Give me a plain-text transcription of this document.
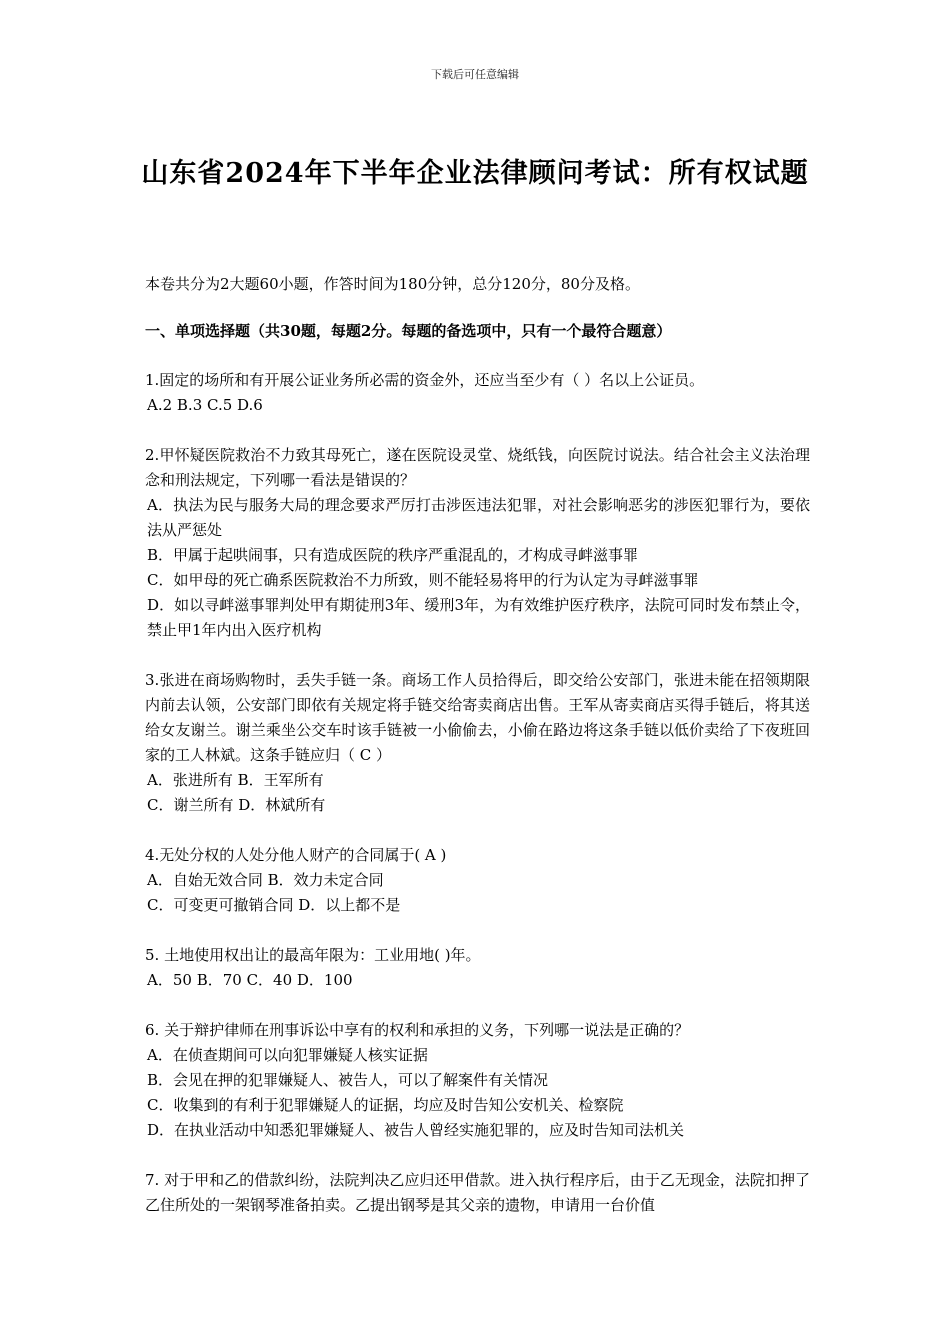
下载后可任意编辑
山东省2024年下半年企业法律顾问考试：所有权试题

本卷共分为2大题60小题，作答时间为180分钟，总分120分，80分及格。

一、单项选择题（共30题，每题2分。每题的备选项中，只有一个最符合题意）

1.固定的场所和有开展公证业务所必需的资金外，还应当至少有（ ）名以上公证员。

A.2 B.3 C.5 D.6

2.甲怀疑医院救治不力致其母死亡，遂在医院设灵堂、烧纸钱，向医院讨说法。结合社会主义法治理念和刑法规定，下列哪一看法是错误的？

A．执法为民与服务大局的理念要求严厉打击涉医违法犯罪，对社会影响恶劣的涉医犯罪行为，要依法从严惩处

B．甲属于起哄闹事，只有造成医院的秩序严重混乱的，才构成寻衅滋事罪

C．如甲母的死亡确系医院救治不力所致，则不能轻易将甲的行为认定为寻衅滋事罪

D．如以寻衅滋事罪判处甲有期徒刑3年、缓刑3年，为有效维护医疗秩序，法院可同时发布禁止令，禁止甲1年内出入医疗机构

3.张进在商场购物时，丢失手链一条。商场工作人员拾得后，即交给公安部门，张进未能在招领期限内前去认领，公安部门即依有关规定将手链交给寄卖商店出售。王军从寄卖商店买得手链后，将其送给女友谢兰。谢兰乘坐公交车时该手链被一小偷偷去，小偷在路边将这条手链以低价卖给了下夜班回家的工人林斌。这条手链应归（ C ）

A．张进所有 B．王军所有

C．谢兰所有 D．林斌所有

4.无处分权的人处分他人财产的合同属于( A )

A．自始无效合同 B．效力未定合同

C．可变更可撤销合同 D．以上都不是

5. 土地使用权出让的最高年限为：工业用地( )年。

A．50 B．70 C．40 D．100

6. 关于辩护律师在刑事诉讼中享有的权利和承担的义务，下列哪一说法是正确的？

A．在侦查期间可以向犯罪嫌疑人核实证据

B．会见在押的犯罪嫌疑人、被告人，可以了解案件有关情况

C．收集到的有利于犯罪嫌疑人的证据，均应及时告知公安机关、检察院

D．在执业活动中知悉犯罪嫌疑人、被告人曾经实施犯罪的，应及时告知司法机关

7. 对于甲和乙的借款纠纷，法院判决乙应归还甲借款。进入执行程序后，由于乙无现金，法院扣押了乙住所处的一架钢琴准备拍卖。乙提出钢琴是其父亲的遗物，申请用一台价值
